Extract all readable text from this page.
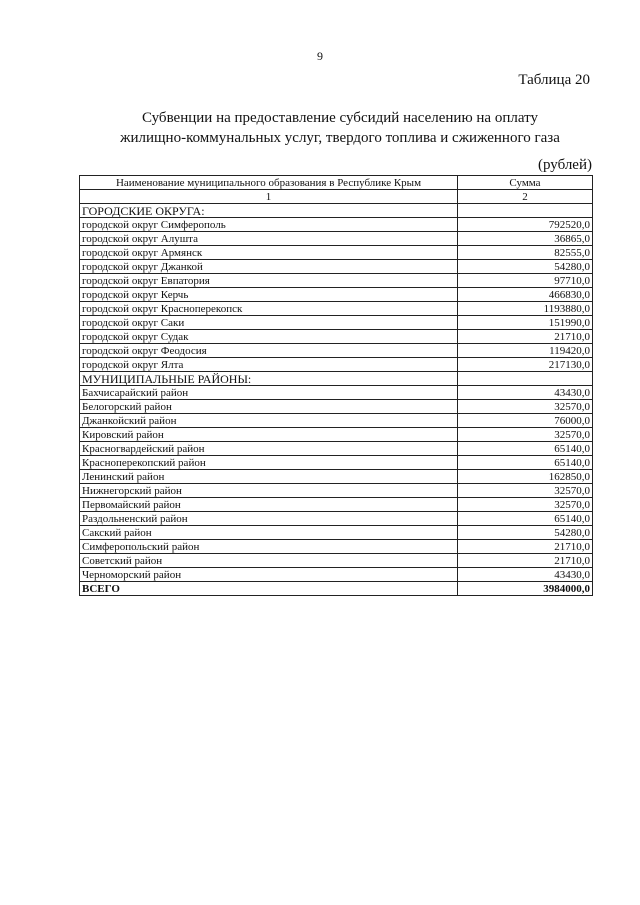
9
Таблица 20
Субвенции на предоставление субсидий населению на оплату
жилищно-коммунальных услуг, твердого топлива и сжиженного газа
(рублей)
Наименование муниципального образования в Республике Крым	Сумма
1	2
ГОРОДСКИЕ ОКРУГА:	
городской округ Симферополь	792520,0
городской округ Алушта	36865,0
городской округ Армянск	82555,0
городской округ Джанкой	54280,0
городской округ Евпатория	97710,0
городской округ Керчь	466830,0
городской округ Красноперекопск	1193880,0
городской округ Саки	151990,0
городской округ Судак	21710,0
городской округ Феодосия	119420,0
городской округ Ялта	217130,0
МУНИЦИПАЛЬНЫЕ РАЙОНЫ:	
Бахчисарайский район	43430,0
Белогорский район	32570,0
Джанкойский район	76000,0
Кировский район	32570,0
Красногвардейский район	65140,0
Красноперекопский район	65140,0
Ленинский район	162850,0
Нижнегорский район	32570,0
Первомайский район	32570,0
Раздольненский район	65140,0
Сакский район	54280,0
Симферопольский район	21710,0
Советский район	21710,0
Черноморский район	43430,0
ВСЕГО	3984000,0
